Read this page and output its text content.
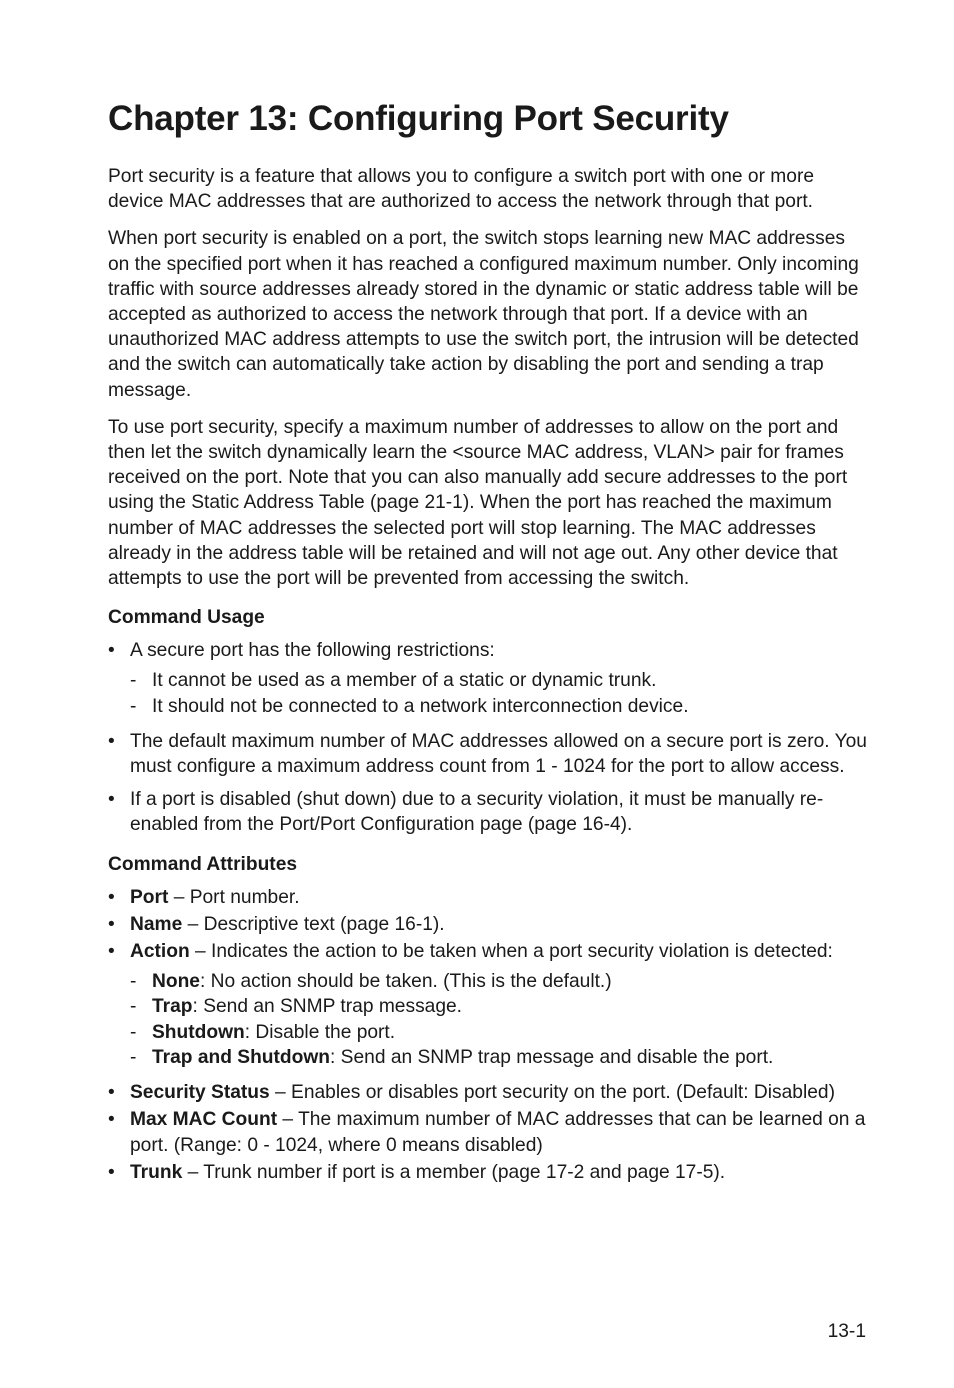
Chapter 13: Configuring Port Security

Port security is a feature that allows you to configure a switch port with one or more device MAC addresses that are authorized to access the network through that port.

When port security is enabled on a port, the switch stops learning new MAC addresses on the specified port when it has reached a configured maximum number. Only incoming traffic with source addresses already stored in the dynamic or static address table will be accepted as authorized to access the network through that port. If a device with an unauthorized MAC address attempts to use the switch port, the intrusion will be detected and the switch can automatically take action by disabling the port and sending a trap message.

To use port security, specify a maximum number of addresses to allow on the port and then let the switch dynamically learn the <source MAC address, VLAN> pair for frames received on the port. Note that you can also manually add secure addresses to the port using the Static Address Table (page 21-1). When the port has reached the maximum number of MAC addresses the selected port will stop learning. The MAC addresses already in the address table will be retained and will not age out. Any other device that attempts to use the port will be prevented from accessing the switch.

Command Usage
• A secure port has the following restrictions:
- It cannot be used as a member of a static or dynamic trunk.
- It should not be connected to a network interconnection device.
• The default maximum number of MAC addresses allowed on a secure port is zero. You must configure a maximum address count from 1 - 1024 for the port to allow access.
• If a port is disabled (shut down) due to a security violation, it must be manually re-enabled from the Port/Port Configuration page (page 16-4).
Command Attributes
• Port – Port number.
• Name – Descriptive text (page 16-1).
• Action – Indicates the action to be taken when a port security violation is detected:
- None: No action should be taken. (This is the default.)
- Trap: Send an SNMP trap message.
- Shutdown: Disable the port.
- Trap and Shutdown: Send an SNMP trap message and disable the port.
• Security Status – Enables or disables port security on the port. (Default: Disabled)
• Max MAC Count – The maximum number of MAC addresses that can be learned on a port. (Range: 0 - 1024, where 0 means disabled)
• Trunk – Trunk number if port is a member (page 17-2 and page 17-5).
13-1
